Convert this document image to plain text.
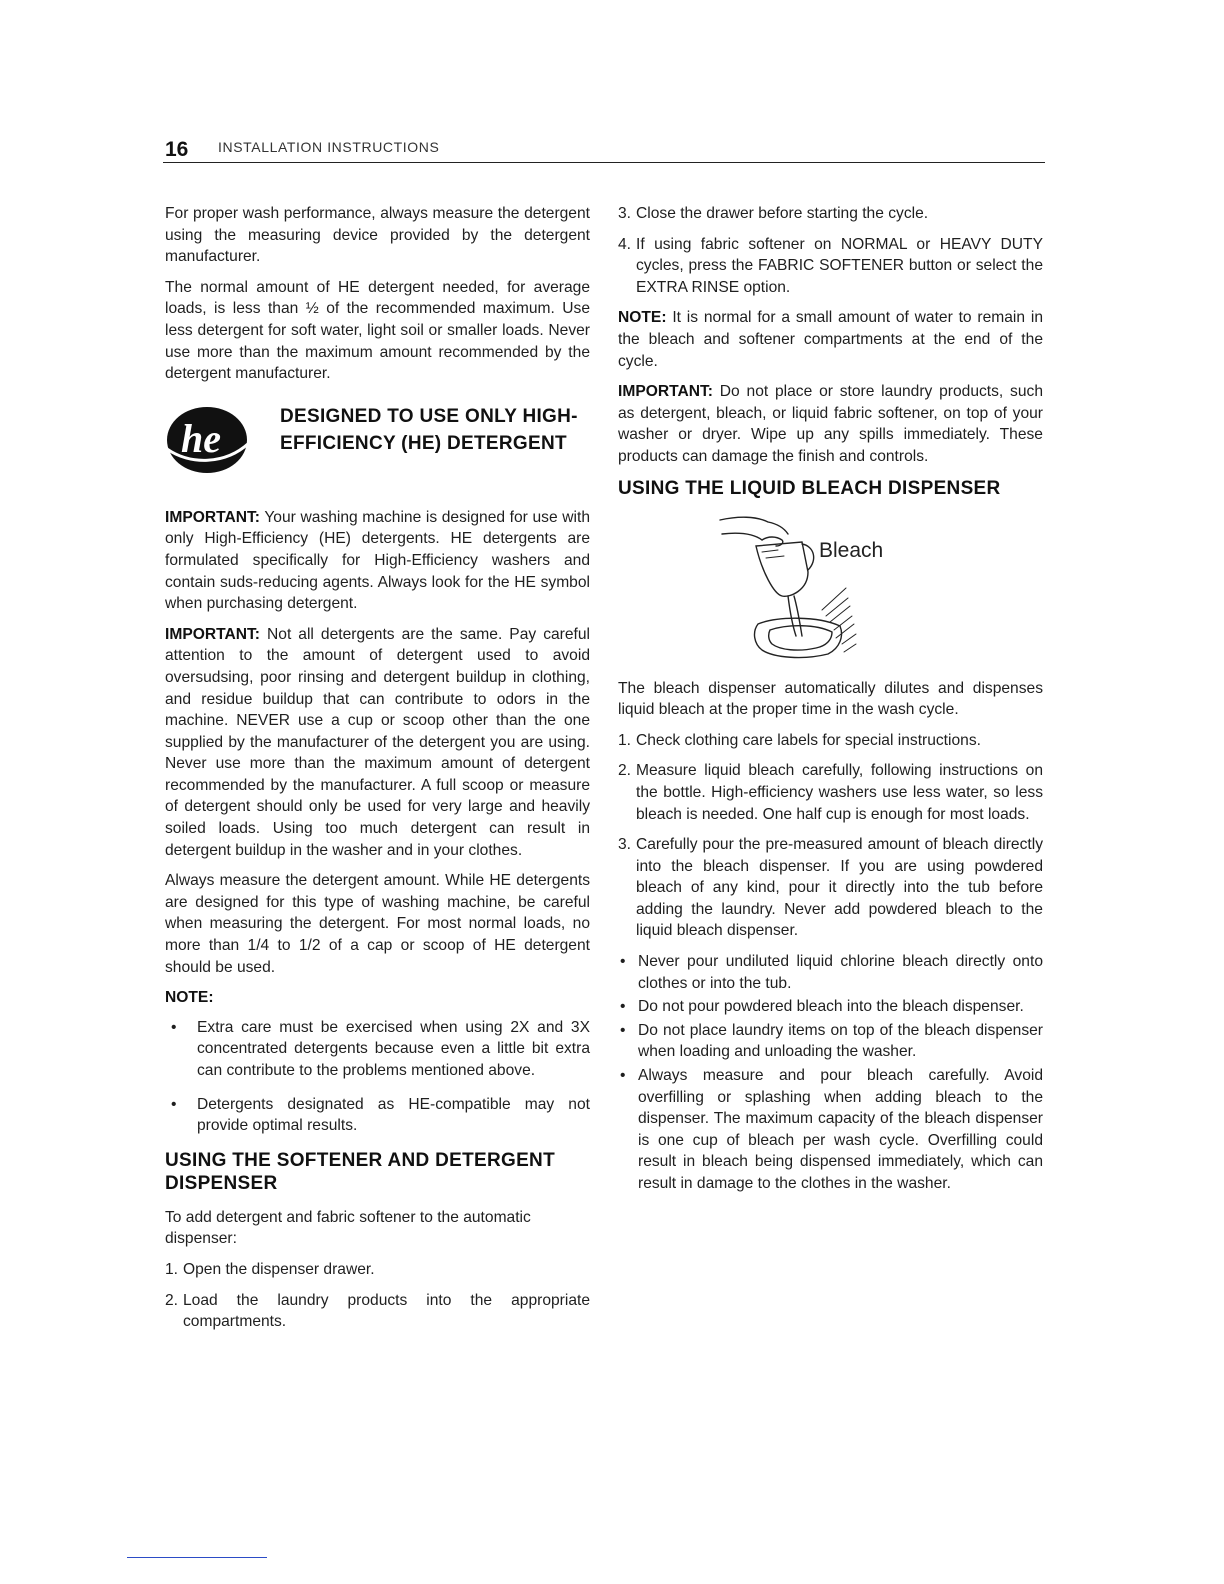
16 INSTALLATION INSTRUCTIONS

For proper wash performance, always measure the detergent using the measuring device provided by the detergent manufacturer.

The normal amount of HE detergent needed, for average loads, is less than ½ of the recommended maximum. Use less detergent for soft water, light soil or smaller loads. Never use more than the maximum amount recommended by the detergent manufacturer.

he	DESIGNED TO USE ONLY HIGH-EFFICIENCY (HE) DETERGENT

IMPORTANT: Your washing machine is designed for use with only High-Efficiency (HE) detergents. HE detergents are formulated specifically for High-Efficiency washers and contain suds-reducing agents. Always look for the HE symbol when purchasing detergent.

IMPORTANT: Not all detergents are the same. Pay careful attention to the amount of detergent used to avoid oversudsing, poor rinsing and detergent buildup in clothing, and residue buildup that can contribute to odors in the machine. NEVER use a cup or scoop other than the one supplied by the manufacturer of the detergent you are using. Never use more than the maximum amount of detergent recommended by the manufacturer. A full scoop or measure of detergent should only be used for very large and heavily soiled loads. Using too much detergent can result in detergent buildup in the washer and in your clothes.

Always measure the detergent amount. While HE detergents are designed for this type of washing machine, be careful when measuring the detergent. For most normal loads, no more than 1/4 to 1/2 of a cap or scoop of HE detergent should be used.

NOTE:
• Extra care must be exercised when using 2X and 3X concentrated detergents because even a little bit extra can contribute to the problems mentioned above.
• Detergents designated as HE-compatible may not provide optimal results.
USING THE SOFTENER AND DETERGENT DISPENSER

To add detergent and fabric softener to the automatic dispenser:

1. Open the dispenser drawer.
2. Load the laundry products into the appropriate compartments.
3. Close the drawer before starting the cycle.
4. If using fabric softener on NORMAL or HEAVY DUTY cycles, press the FABRIC SOFTENER button or select the EXTRA RINSE option.

NOTE: It is normal for a small amount of water to remain in the bleach and softener compartments at the end of the cycle.

IMPORTANT: Do not place or store laundry products, such as detergent, bleach, or liquid fabric softener, on top of your washer or dryer. Wipe up any spills immediately. These products can damage the finish and controls.

USING THE LIQUID BLEACH DISPENSER
Bleach

The bleach dispenser automatically dilutes and dispenses liquid bleach at the proper time in the wash cycle.

1. Check clothing care labels for special instructions.
2. Measure liquid bleach carefully, following instructions on the bottle. High-efficiency washers use less water, so less bleach is needed. One half cup is enough for most loads.
3. Carefully pour the pre-measured amount of bleach directly into the bleach dispenser. If you are using powdered bleach of any kind, pour it directly into the tub before adding the laundry. Never add powdered bleach to the liquid bleach dispenser.
• Never pour undiluted liquid chlorine bleach directly onto clothes or into the tub.
• Do not pour powdered bleach into the bleach dispenser.
• Do not place laundry items on top of the bleach dispenser when loading and unloading the washer.
• Always measure and pour bleach carefully. Avoid overfilling or splashing when adding bleach to the dispenser. The maximum capacity of the bleach dispenser is one cup of bleach per wash cycle. Overfilling could result in bleach being dispensed immediately, which can result in damage to the clothes in the washer.
